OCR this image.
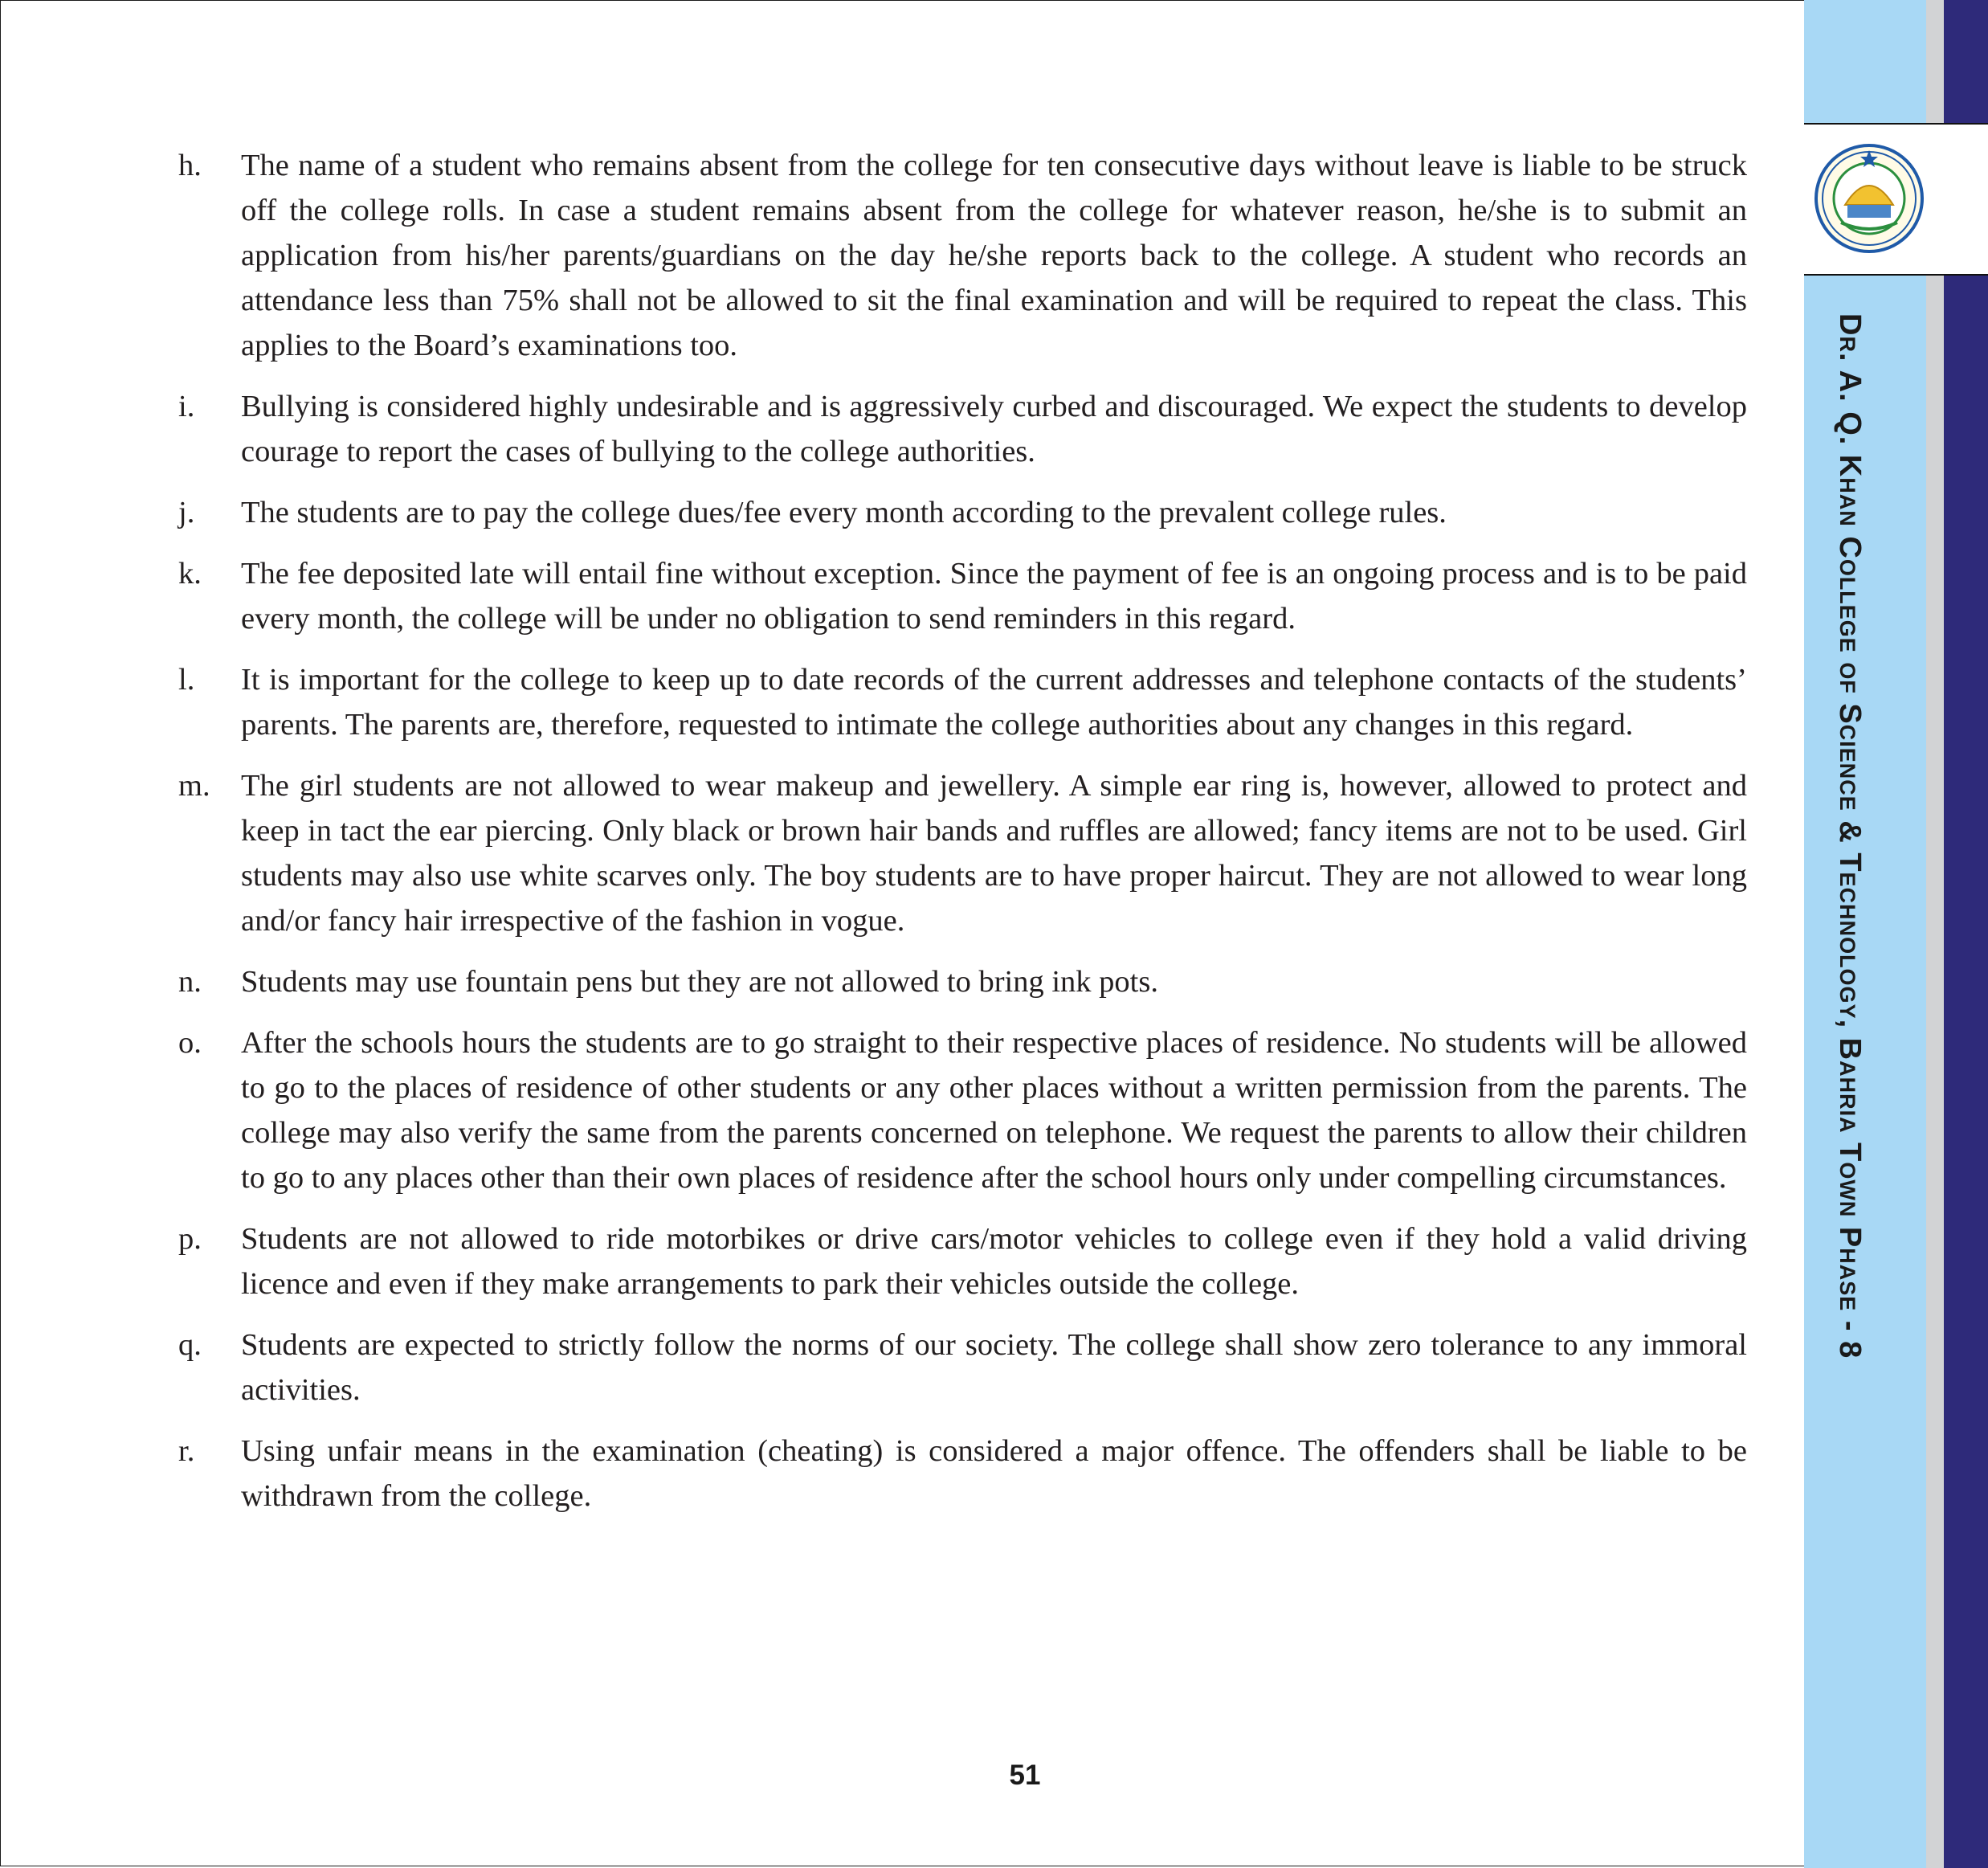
Dr. A. Q. Khan College of Science & Technology, Bahria Town Phase - 8
h.	The name of a student who remains absent from the college for ten consecutive days without leave is liable to be struck off the college rolls. In case a student remains absent from the college for whatever reason, he/she is to submit an application from his/her parents/guardians on the day he/she reports back to the college. A student who records an attendance less than 75% shall not be allowed to sit the final examination and will be required to repeat the class. This applies to the Board’s examinations too.
i.	Bullying is considered highly undesirable and is aggressively curbed and discouraged. We expect the students to develop courage to report the cases of bullying to the college authorities.
j.	The students are to pay the college dues/fee every month according to the prevalent college rules.
k.	The fee deposited late will entail fine without exception. Since the payment of fee is an ongoing process and is to be paid every month, the college will be under no obligation to send reminders in this regard.
l.	It is important for the college to keep up to date records of the current addresses and telephone contacts of the students’ parents. The parents are, therefore, requested to intimate the college authorities about any changes in this regard.
m. The girl students are not allowed to wear makeup and jewellery. A simple ear ring is, however, allowed to protect and keep in tact the ear piercing. Only black or brown hair bands and ruffles are allowed; fancy items are not to be used. Girl students may also use white scarves only. The boy students are to have proper haircut. They are not allowed to wear long and/or fancy hair irrespective of the fashion in vogue.
n.	Students may use fountain pens but they are not allowed to bring ink pots.
o.	After the schools hours the students are to go straight to their respective places of residence. No students will be allowed to go to the places of residence of other students or any other places without a written permission from the parents. The college may also verify the same from the parents concerned on telephone. We request the parents to allow their children to go to any places other than their own places of residence after the school hours only under compelling circumstances.
p.	Students are not allowed to ride motorbikes or drive cars/motor vehicles to college even if they hold a valid driving licence and even if they make arrangements to park their vehicles outside the college.
q.	Students are expected to strictly follow the norms of our society. The college shall show zero tolerance to any immoral activities.
r.	Using unfair means in the examination (cheating) is considered a major offence. The offenders shall be liable to be withdrawn from the college.
51
